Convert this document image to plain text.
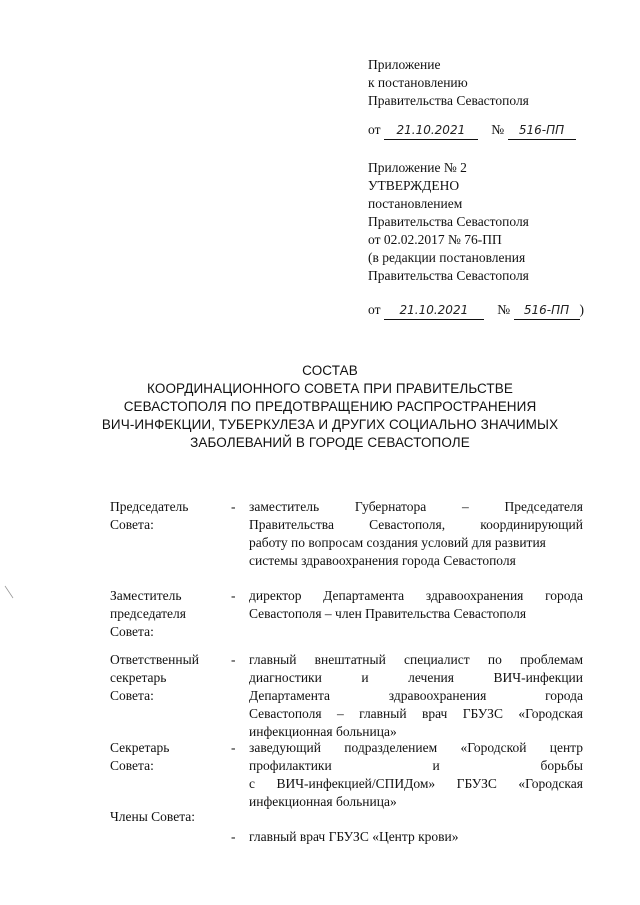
Приложение
к постановлению
Правительства Севастополя
от 21.10.2021 № 516-ПП
Приложение № 2
УТВЕРЖДЕНО
постановлением
Правительства Севастополя
от 02.02.2017 № 76-ПП
(в редакции постановления
Правительства Севастополя
от 21.10.2021 № 516-ПП )
СОСТАВ
КООРДИНАЦИОННОГО СОВЕТА ПРИ ПРАВИТЕЛЬСТВЕ
СЕВАСТОПОЛЯ ПО ПРЕДОТВРАЩЕНИЮ РАСПРОСТРАНЕНИЯ
ВИЧ-ИНФЕКЦИИ, ТУБЕРКУЛЕЗА И ДРУГИХ СОЦИАЛЬНО ЗНАЧИМЫХ
ЗАБОЛЕВАНИЙ В ГОРОДЕ СЕВАСТОПОЛЕ
Председатель
Совета:
- заместитель Губернатора – Председателя
Правительства Севастополя, координирующий
работу по вопросам создания условий для развития
системы здравоохранения города Севастополя
Заместитель
председателя
Совета:
- директор Департамента здравоохранения города
Севастополя – член Правительства Севастополя
Ответственный
секретарь
Совета:
- главный внештатный специалист по проблемам
диагностики и лечения ВИЧ-инфекции
Департамента здравоохранения города
Севастополя – главный врач ГБУЗС «Городская
инфекционная больница»
Секретарь
Совета:
- заведующий подразделением «Городской центр
профилактики и борьбы
с ВИЧ-инфекцией/СПИДом» ГБУЗС «Городская
инфекционная больница»
Члены Совета:
- главный врач ГБУЗС «Центр крови»
